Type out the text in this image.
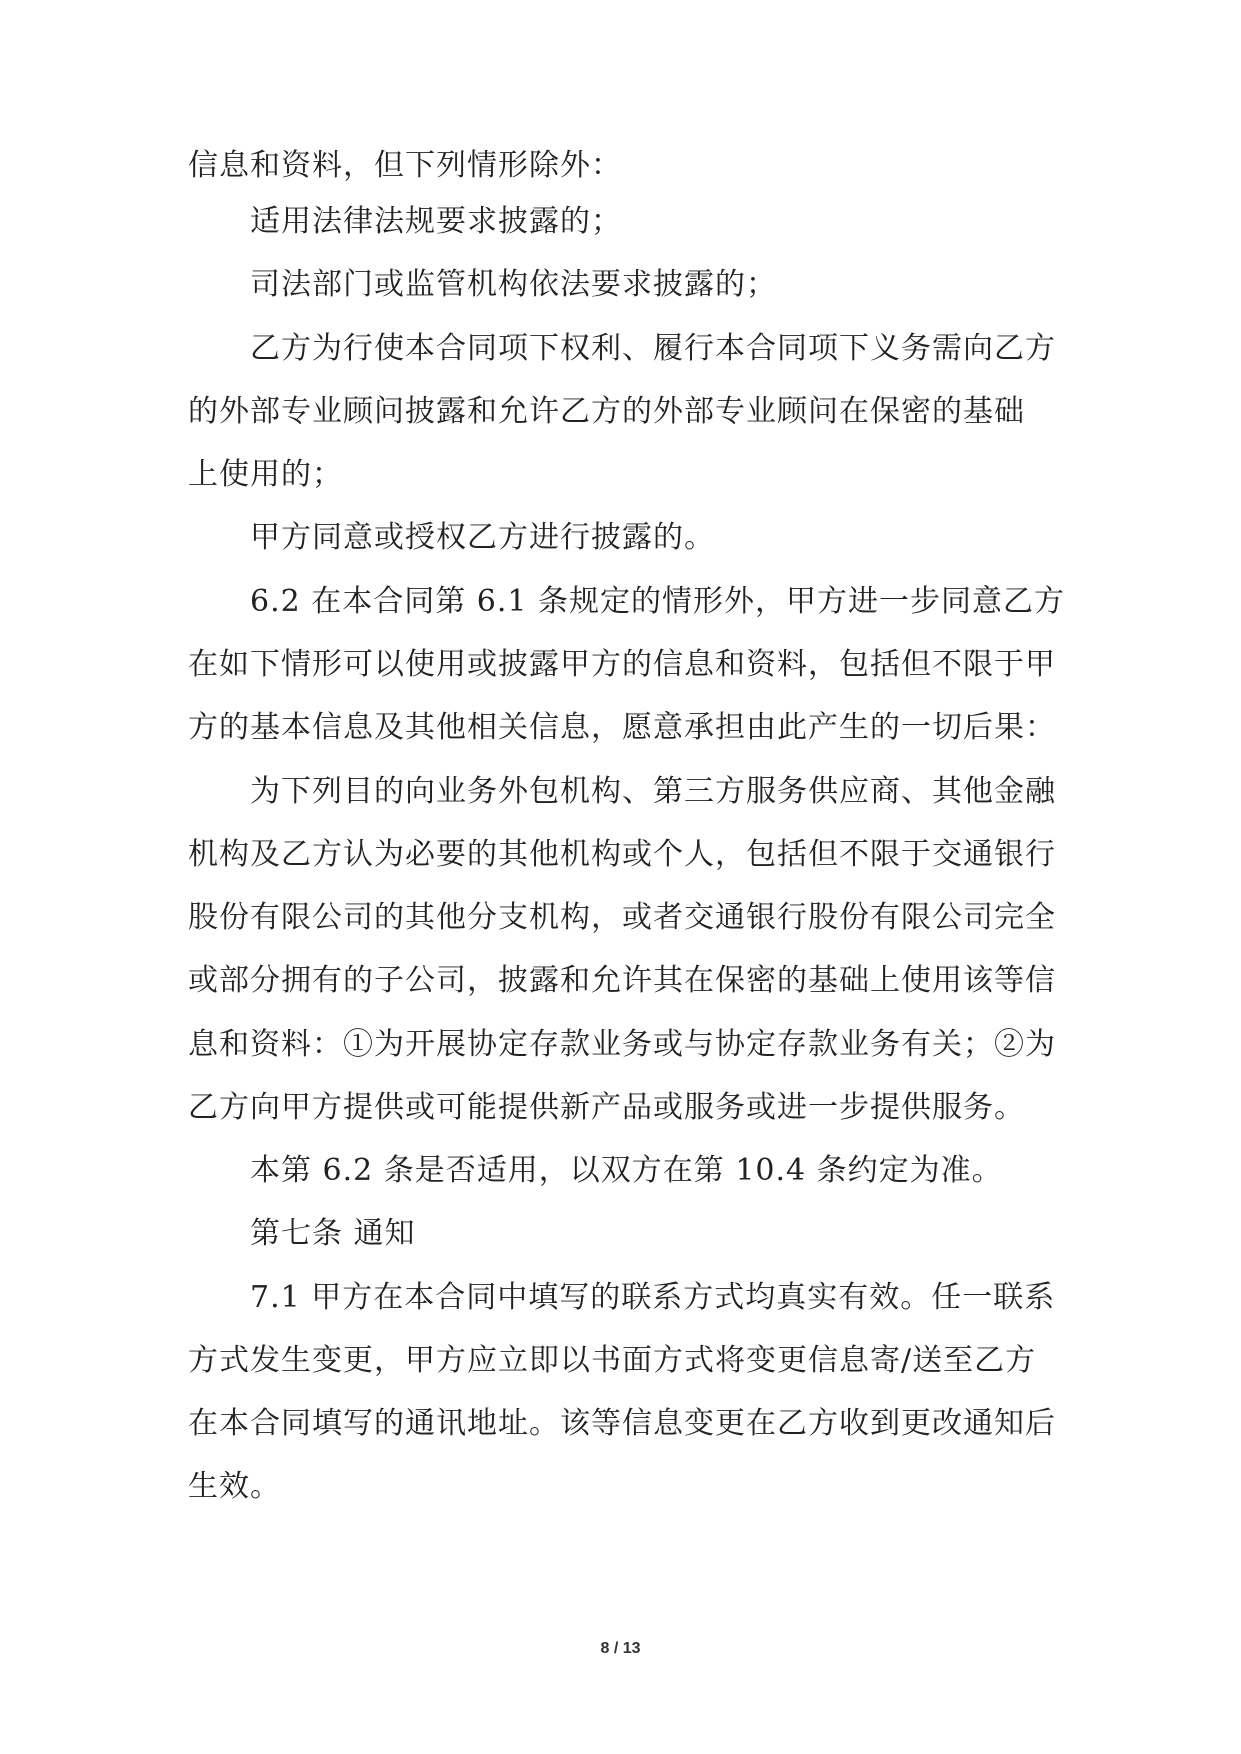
信息和资料，但下列情形除外：
适用法律法规要求披露的；
司法部门或监管机构依法要求披露的；
乙方为行使本合同项下权利、履行本合同项下义务需向乙方
的外部专业顾问披露和允许乙方的外部专业顾问在保密的基础
上使用的；
甲方同意或授权乙方进行披露的。
6.2 在本合同第 6.1 条规定的情形外，甲方进一步同意乙方
在如下情形可以使用或披露甲方的信息和资料，包括但不限于甲
方的基本信息及其他相关信息，愿意承担由此产生的一切后果：
为下列目的向业务外包机构、第三方服务供应商、其他金融
机构及乙方认为必要的其他机构或个人，包括但不限于交通银行
股份有限公司的其他分支机构，或者交通银行股份有限公司完全
或部分拥有的子公司，披露和允许其在保密的基础上使用该等信
息和资料：①为开展协定存款业务或与协定存款业务有关；②为
乙方向甲方提供或可能提供新产品或服务或进一步提供服务。
本第 6.2 条是否适用，以双方在第 10.4 条约定为准。
第七条 通知
7.1 甲方在本合同中填写的联系方式均真实有效。任一联系
方式发生变更，甲方应立即以书面方式将变更信息寄/送至乙方
在本合同填写的通讯地址。该等信息变更在乙方收到更改通知后
生效。
8 / 13
